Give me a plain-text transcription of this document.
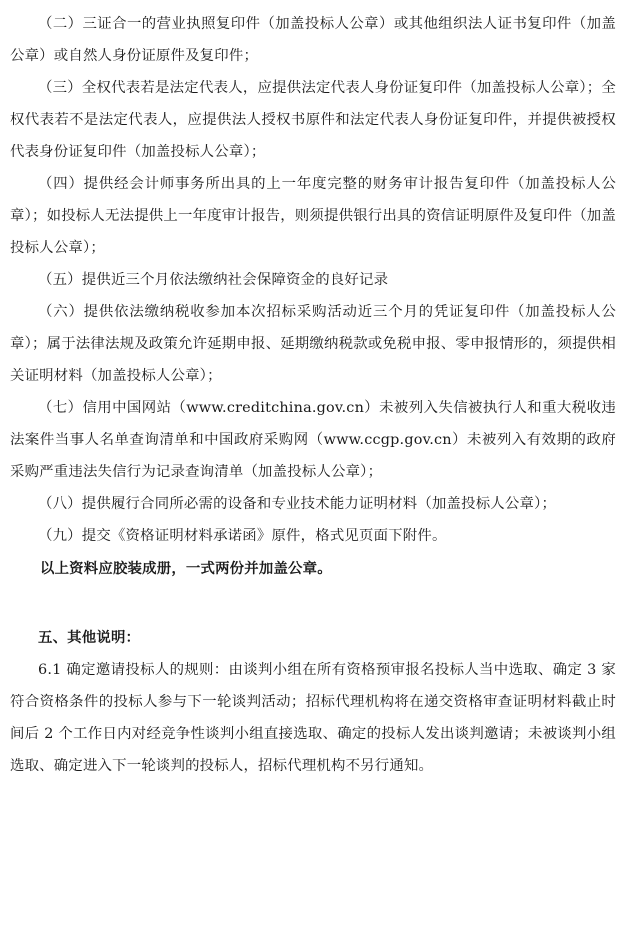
（二）三证合一的营业执照复印件（加盖投标人公章）或其他组织法人证书复印件（加盖公章）或自然人身份证原件及复印件；

（三）全权代表若是法定代表人，应提供法定代表人身份证复印件（加盖投标人公章）；全权代表若不是法定代表人，应提供法人授权书原件和法定代表人身份证复印件，并提供被授权代表身份证复印件（加盖投标人公章）；

（四）提供经会计师事务所出具的上一年度完整的财务审计报告复印件（加盖投标人公章）；如投标人无法提供上一年度审计报告，则须提供银行出具的资信证明原件及复印件（加盖投标人公章）；

（五）提供近三个月依法缴纳社会保障资金的良好记录

（六）提供依法缴纳税收参加本次招标采购活动近三个月的凭证复印件（加盖投标人公章）；属于法律法规及政策允许延期申报、延期缴纳税款或免税申报、零申报情形的，须提供相关证明材料（加盖投标人公章）；

（七）信用中国网站（www.creditchina.gov.cn）未被列入失信被执行人和重大税收违法案件当事人名单查询清单和中国政府采购网（www.ccgp.gov.cn）未被列入有效期的政府采购严重违法失信行为记录查询清单（加盖投标人公章）；

（八）提供履行合同所必需的设备和专业技术能力证明材料（加盖投标人公章）；

（九）提交《资格证明材料承诺函》原件，格式见页面下附件。

以上资料应胶装成册，一式两份并加盖公章。

五、其他说明：

6.1 确定邀请投标人的规则：由谈判小组在所有资格预审报名投标人当中选取、确定 3 家符合资格条件的投标人参与下一轮谈判活动；招标代理机构将在递交资格审查证明材料截止时间后 2 个工作日内对经竞争性谈判小组直接选取、确定的投标人发出谈判邀请；未被谈判小组选取、确定进入下一轮谈判的投标人，招标代理机构不另行通知。
